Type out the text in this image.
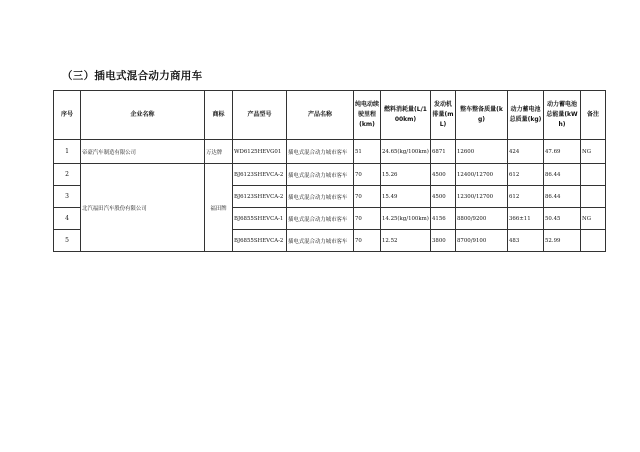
（三）插电式混合动力商用车
序号	企业名称	商标	产品型号	产品名称	纯电动续驶里程(km)	燃料消耗量(L/100km)	发动机排量(mL)	整车整备质量(kg)	动力蓄电池总质量(kg)	动力蓄电池总能量(kWh)	备注
1	帝豪汽车制造有限公司	万达牌	WD6125HEVG01	插电式混合动力城市客车	51	24.65(kg/100km)	6871	12600	424	47.69	NG
2	北汽福田汽车股份有限公司	福田牌	BJ6123SHEVCA-2	插电式混合动力城市客车	70	15.26	4500	12400/12700	612	86.44	
3			BJ6123SHEVCA-2	插电式混合动力城市客车	70	15.49	4500	12300/12700	612	86.44	
4			BJ6855SHEVCA-1	插电式混合动力城市客车	70	14.25(kg/100km)	4156	8800/9200	366±11	50.45	NG
5			BJ6855SHEVCA-2	插电式混合动力城市客车	70	12.52	3800	8700/9100	483	52.99	
